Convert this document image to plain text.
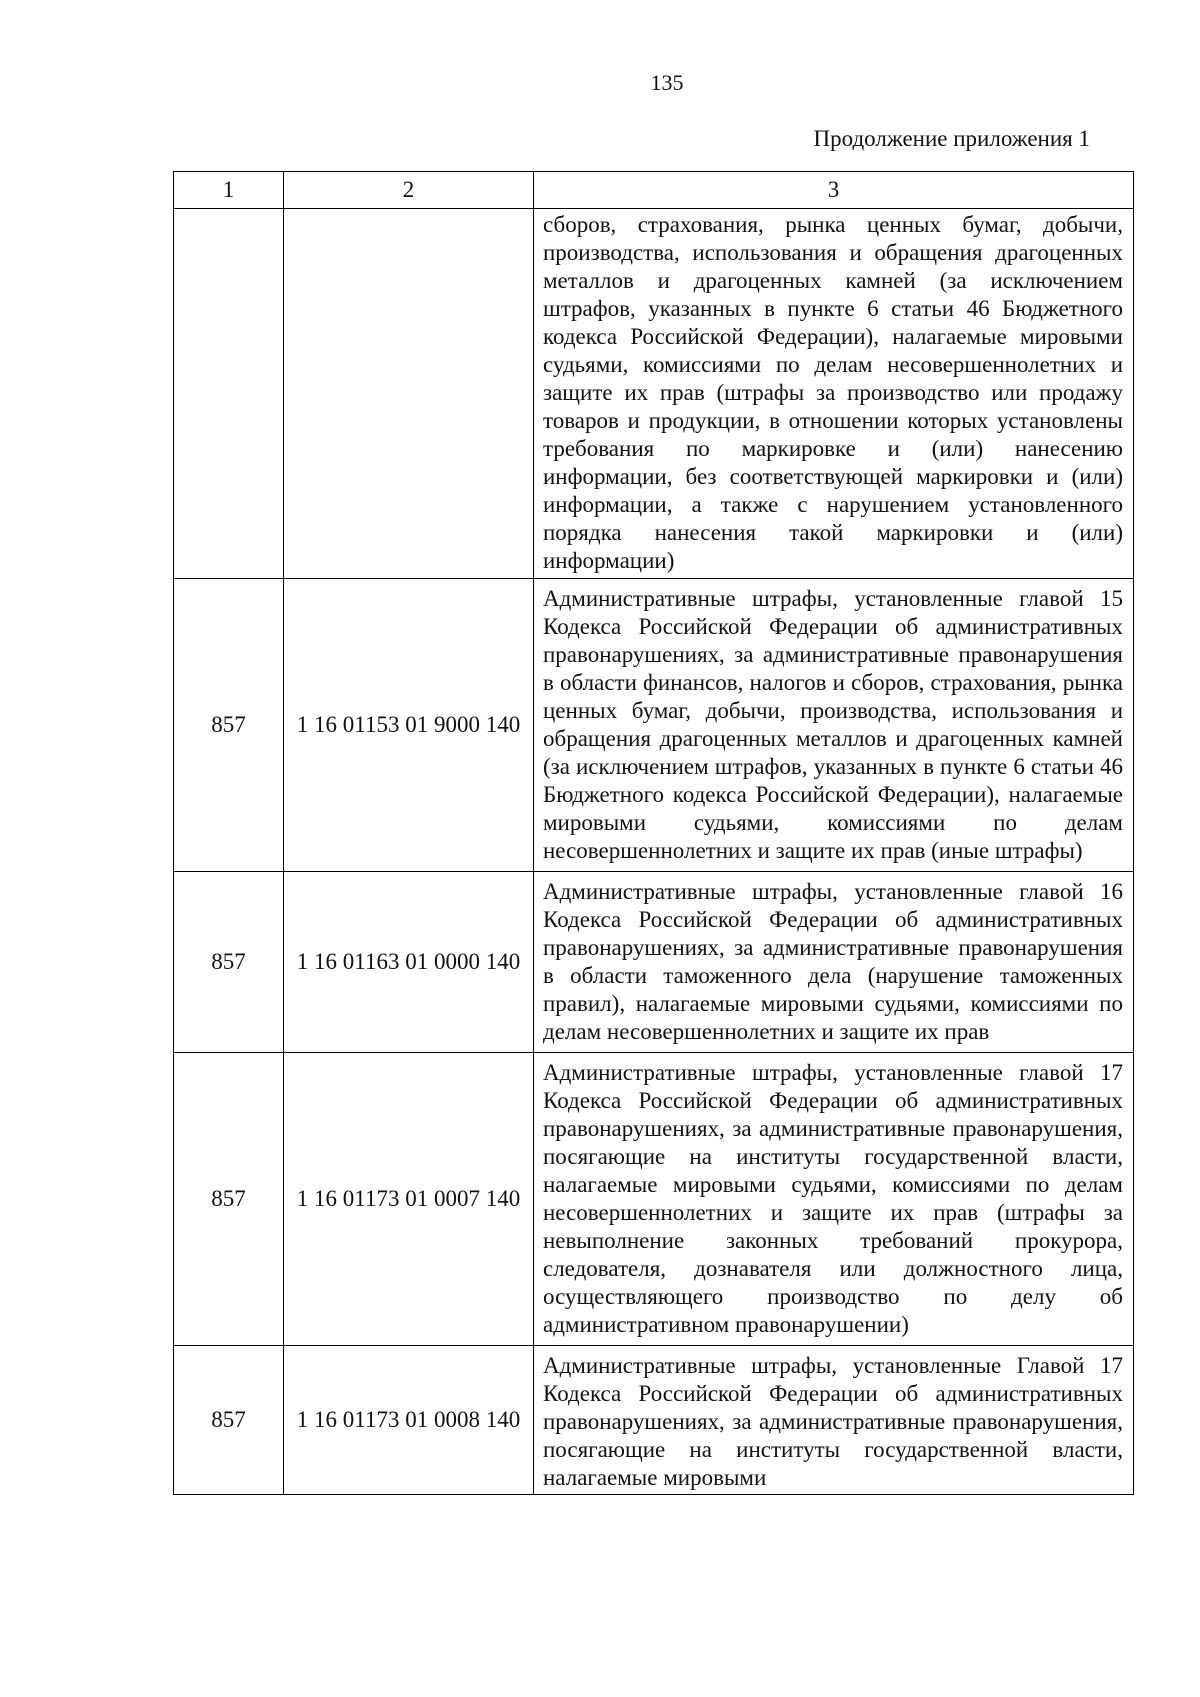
135
Продолжение приложения 1
1	2	3
		сборов, страхования, рынка ценных бумаг, добычи, производства, использования и обращения драгоценных металлов и драгоценных камней (за исключением штрафов, указанных в пункте 6 статьи 46 Бюджетного кодекса Российской Федерации), налагаемые мировыми судьями, комиссиями по делам несовершеннолетних и защите их прав (штрафы за производство или продажу товаров и продукции, в отношении которых установлены требования по маркировке и (или) нанесению информации, без соответствующей маркировки и (или) информации, а также с нарушением установленного порядка нанесения такой маркировки и (или) информации)
857	1 16 01153 01 9000 140	Административные штрафы, установленные главой 15 Кодекса Российской Федерации об административных правонарушениях, за административные правонарушения в области финансов, налогов и сборов, страхования, рынка ценных бумаг, добычи, производства, использования и обращения драгоценных металлов и драгоценных камней (за исключением штрафов, указанных в пункте 6 статьи 46 Бюджетного кодекса Российской Федерации), налагаемые мировыми судьями, комиссиями по делам несовершеннолетних и защите их прав (иные штрафы)
857	1 16 01163 01 0000 140	Административные штрафы, установленные главой 16 Кодекса Российской Федерации об административных правонарушениях, за административные правонарушения в области таможенного дела (нарушение таможенных правил), налагаемые мировыми судьями, комиссиями по делам несовершеннолетних и защите их прав
857	1 16 01173 01 0007 140	Административные штрафы, установленные главой 17 Кодекса Российской Федерации об административных правонарушениях, за административные правонарушения, посягающие на институты государственной власти, налагаемые мировыми судьями, комиссиями по делам несовершеннолетних и защите их прав (штрафы за невыполнение законных требований прокурора, следователя, дознавателя или должностного лица, осуществляющего производство по делу об административном правонарушении)
857	1 16 01173 01 0008 140	Административные штрафы, установленные Главой 17 Кодекса Российской Федерации об административных правонарушениях, за административные правонарушения, посягающие на институты государственной власти, налагаемые мировыми
